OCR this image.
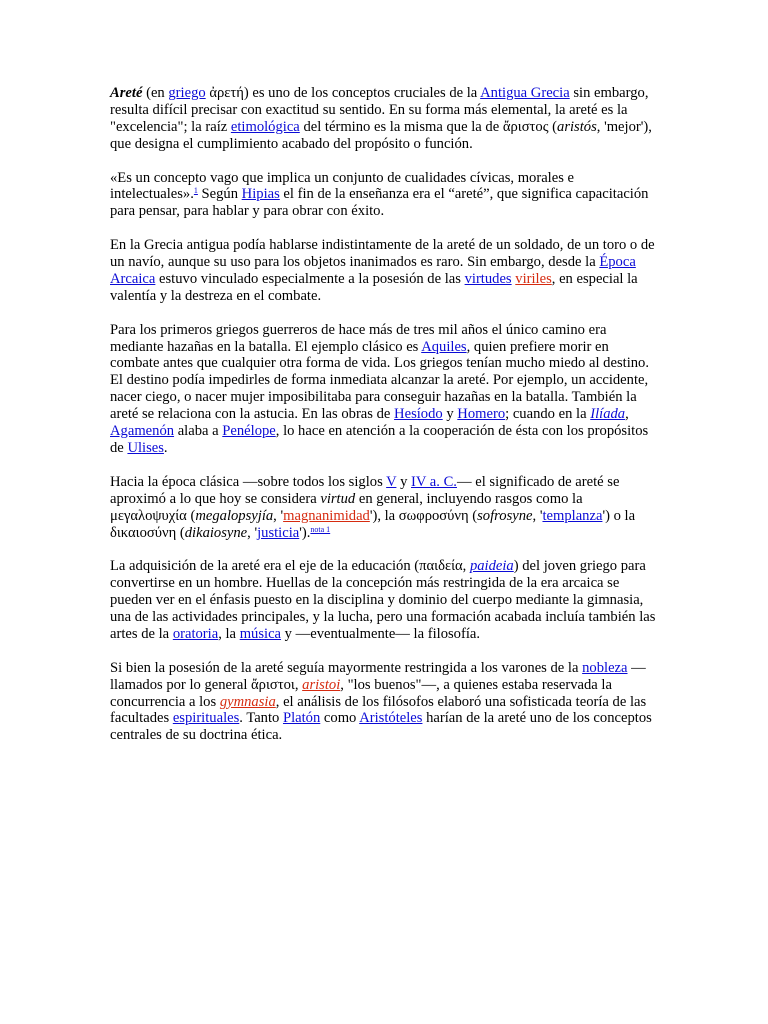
Areté (en griego ἀρετή) es uno de los conceptos cruciales de la Antigua Grecia sin embargo, resulta difícil precisar con exactitud su sentido. En su forma más elemental, la areté es la "excelencia"; la raíz etimológica del término es la misma que la de ἄριστος (aristós, 'mejor'), que designa el cumplimiento acabado del propósito o función.

«Es un concepto vago que implica un conjunto de cualidades cívicas, morales e intelectuales».$^1$ Según Hipias el fin de la enseñanza era el “areté”, que significa capacitación para pensar, para hablar y para obrar con éxito.

En la Grecia antigua podía hablarse indistintamente de la areté de un soldado, de un toro o de un navío, aunque su uso para los objetos inanimados es raro. Sin embargo, desde la Época Arcaica estuvo vinculado especialmente a la posesión de las virtudes viriles, en especial la valentía y la destreza en el combate.

Para los primeros griegos guerreros de hace más de tres mil años el único camino era mediante hazañas en la batalla. El ejemplo clásico es Aquiles, quien prefiere morir en combate antes que cualquier otra forma de vida. Los griegos tenían mucho miedo al destino. El destino podía impedirles de forma inmediata alcanzar la areté. Por ejemplo, un accidente, nacer ciego, o nacer mujer imposibilitaba para conseguir hazañas en la batalla. También la areté se relaciona con la astucia. En las obras de Hesíodo y Homero; cuando en la Ilíada, Agamenón alaba a Penélope, lo hace en atención a la cooperación de ésta con los propósitos de Ulises.

Hacia la época clásica —sobre todos los siglos V y IV a. C.— el significado de areté se aproximó a lo que hoy se considera virtud en general, incluyendo rasgos como la μεγαλοψυχία (megalopsyjía, 'magnanimidad'), la σωφροσύνη (sofrosyne, 'templanza') o la δικαιοσύνη (dikaiosyne, 'justicia').$^{nota 1}$

La adquisición de la areté era el eje de la educación (παιδεία, paideia) del joven griego para convertirse en un hombre. Huellas de la concepción más restringida de la era arcaica se pueden ver en el énfasis puesto en la disciplina y dominio del cuerpo mediante la gimnasia, una de las actividades principales, y la lucha, pero una formación acabada incluía también las artes de la oratoria, la música y —eventualmente— la filosofía.

Si bien la posesión de la areté seguía mayormente restringida a los varones de la nobleza —llamados por lo general ἄριστοι, aristoi, "los buenos"—, a quienes estaba reservada la concurrencia a los gymnasia, el análisis de los filósofos elaboró una sofisticada teoría de las facultades espirituales. Tanto Platón como Aristóteles harían de la areté uno de los conceptos centrales de su doctrina ética.
